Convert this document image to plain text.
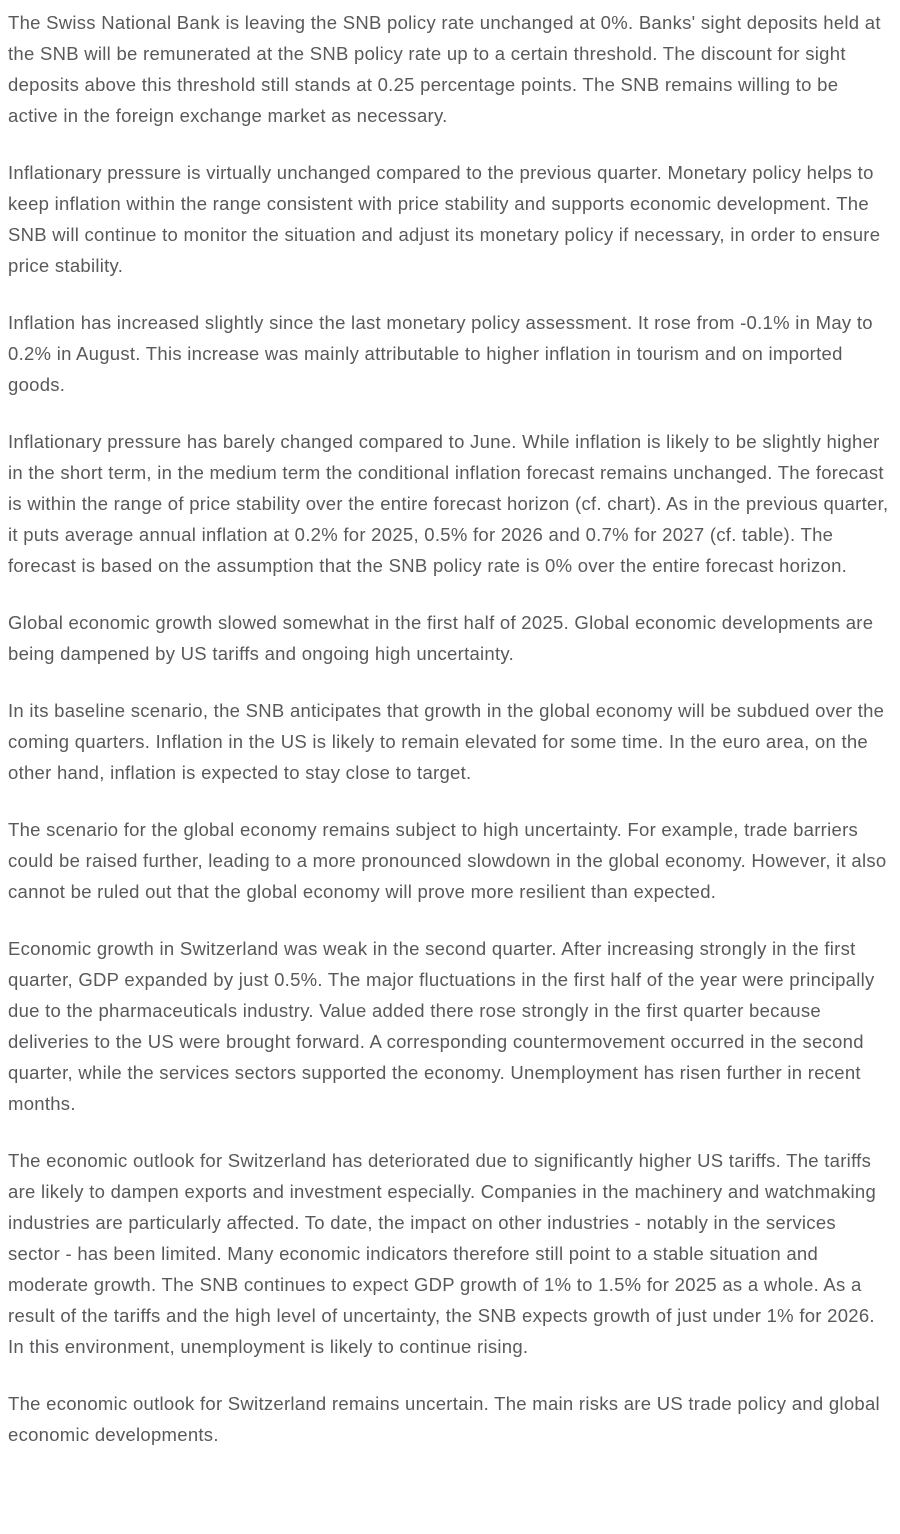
The Swiss National Bank is leaving the SNB policy rate unchanged at 0%. Banks' sight deposits held at the SNB will be remunerated at the SNB policy rate up to a certain threshold. The discount for sight deposits above this threshold still stands at 0.25 percentage points. The SNB remains willing to be active in the foreign exchange market as necessary.

Inflationary pressure is virtually unchanged compared to the previous quarter. Monetary policy helps to keep inflation within the range consistent with price stability and supports economic development. The SNB will continue to monitor the situation and adjust its monetary policy if necessary, in order to ensure price stability.

Inflation has increased slightly since the last monetary policy assessment. It rose from -0.1% in May to 0.2% in August. This increase was mainly attributable to higher inflation in tourism and on imported goods.

Inflationary pressure has barely changed compared to June. While inflation is likely to be slightly higher in the short term, in the medium term the conditional inflation forecast remains unchanged. The forecast is within the range of price stability over the entire forecast horizon (cf. chart). As in the previous quarter, it puts average annual inflation at 0.2% for 2025, 0.5% for 2026 and 0.7% for 2027 (cf. table). The forecast is based on the assumption that the SNB policy rate is 0% over the entire forecast horizon.

Global economic growth slowed somewhat in the first half of 2025. Global economic developments are being dampened by US tariffs and ongoing high uncertainty.

In its baseline scenario, the SNB anticipates that growth in the global economy will be subdued over the coming quarters. Inflation in the US is likely to remain elevated for some time. In the euro area, on the other hand, inflation is expected to stay close to target.

The scenario for the global economy remains subject to high uncertainty. For example, trade barriers could be raised further, leading to a more pronounced slowdown in the global economy. However, it also cannot be ruled out that the global economy will prove more resilient than expected.

Economic growth in Switzerland was weak in the second quarter. After increasing strongly in the first quarter, GDP expanded by just 0.5%. The major fluctuations in the first half of the year were principally due to the pharmaceuticals industry. Value added there rose strongly in the first quarter because deliveries to the US were brought forward. A corresponding countermovement occurred in the second quarter, while the services sectors supported the economy. Unemployment has risen further in recent months.

The economic outlook for Switzerland has deteriorated due to significantly higher US tariffs. The tariffs are likely to dampen exports and investment especially. Companies in the machinery and watchmaking industries are particularly affected. To date, the impact on other industries - notably in the services sector - has been limited. Many economic indicators therefore still point to a stable situation and moderate growth. The SNB continues to expect GDP growth of 1% to 1.5% for 2025 as a whole. As a result of the tariffs and the high level of uncertainty, the SNB expects growth of just under 1% for 2026. In this environment, unemployment is likely to continue rising.

The economic outlook for Switzerland remains uncertain. The main risks are US trade policy and global economic developments.
